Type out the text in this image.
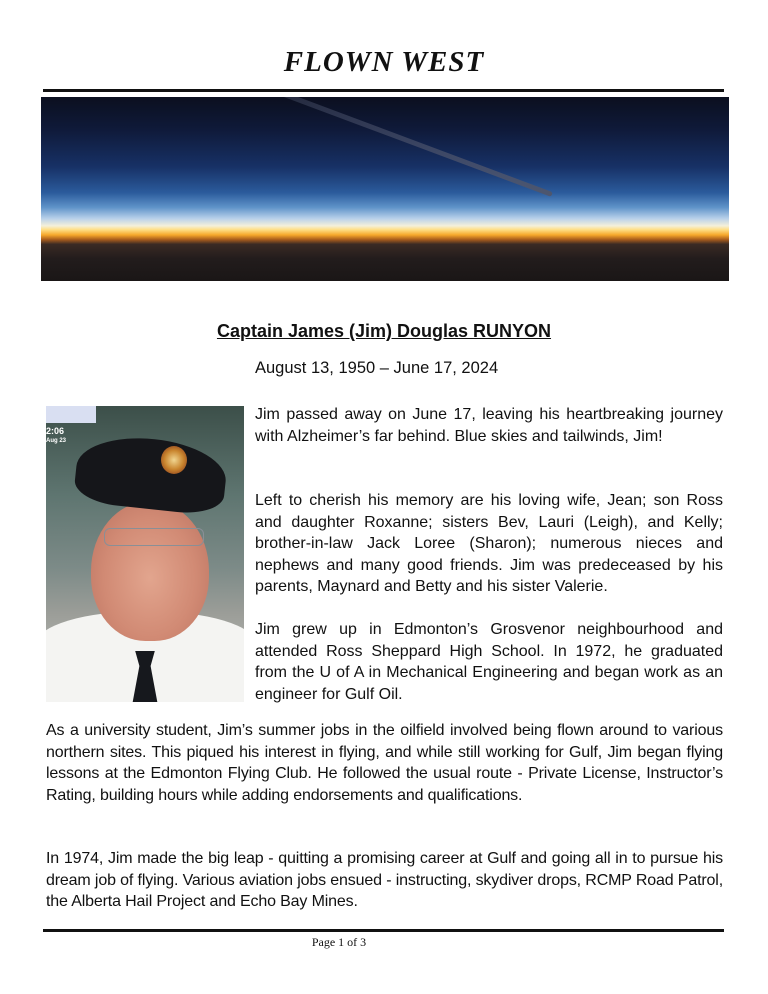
FLOWN WEST
Captain James (Jim) Douglas RUNYON
August 13, 1950 – June 17, 2024
2:06
Aug 23

Jim passed away on June 17, leaving his heartbreaking journey with Alzheimer’s far behind. Blue skies and tailwinds, Jim!

Left to cherish his memory are his loving wife, Jean; son Ross and daughter Roxanne; sisters Bev, Lauri (Leigh), and Kelly; brother-in-law Jack Loree (Sharon); numerous nieces and nephews and many good friends. Jim was predeceased by his parents, Maynard and Betty and his sister Valerie.

Jim grew up in Edmonton’s Grosvenor neighbourhood and attended Ross Sheppard High School. In 1972, he graduated from the U of A in Mechanical Engineering and began work as an engineer for Gulf Oil.

As a university student, Jim’s summer jobs in the oilfield involved being flown around to various northern sites. This piqued his interest in flying, and while still working for Gulf, Jim began flying lessons at the Edmonton Flying Club. He followed the usual route - Private License, Instructor’s Rating, building hours while adding endorsements and qualifications.

In 1974, Jim made the big leap - quitting a promising career at Gulf and going all in to pursue his dream job of flying. Various aviation jobs ensued - instructing, skydiver drops, RCMP Road Patrol, the Alberta Hail Project and Echo Bay Mines.

Page 1 of 3
